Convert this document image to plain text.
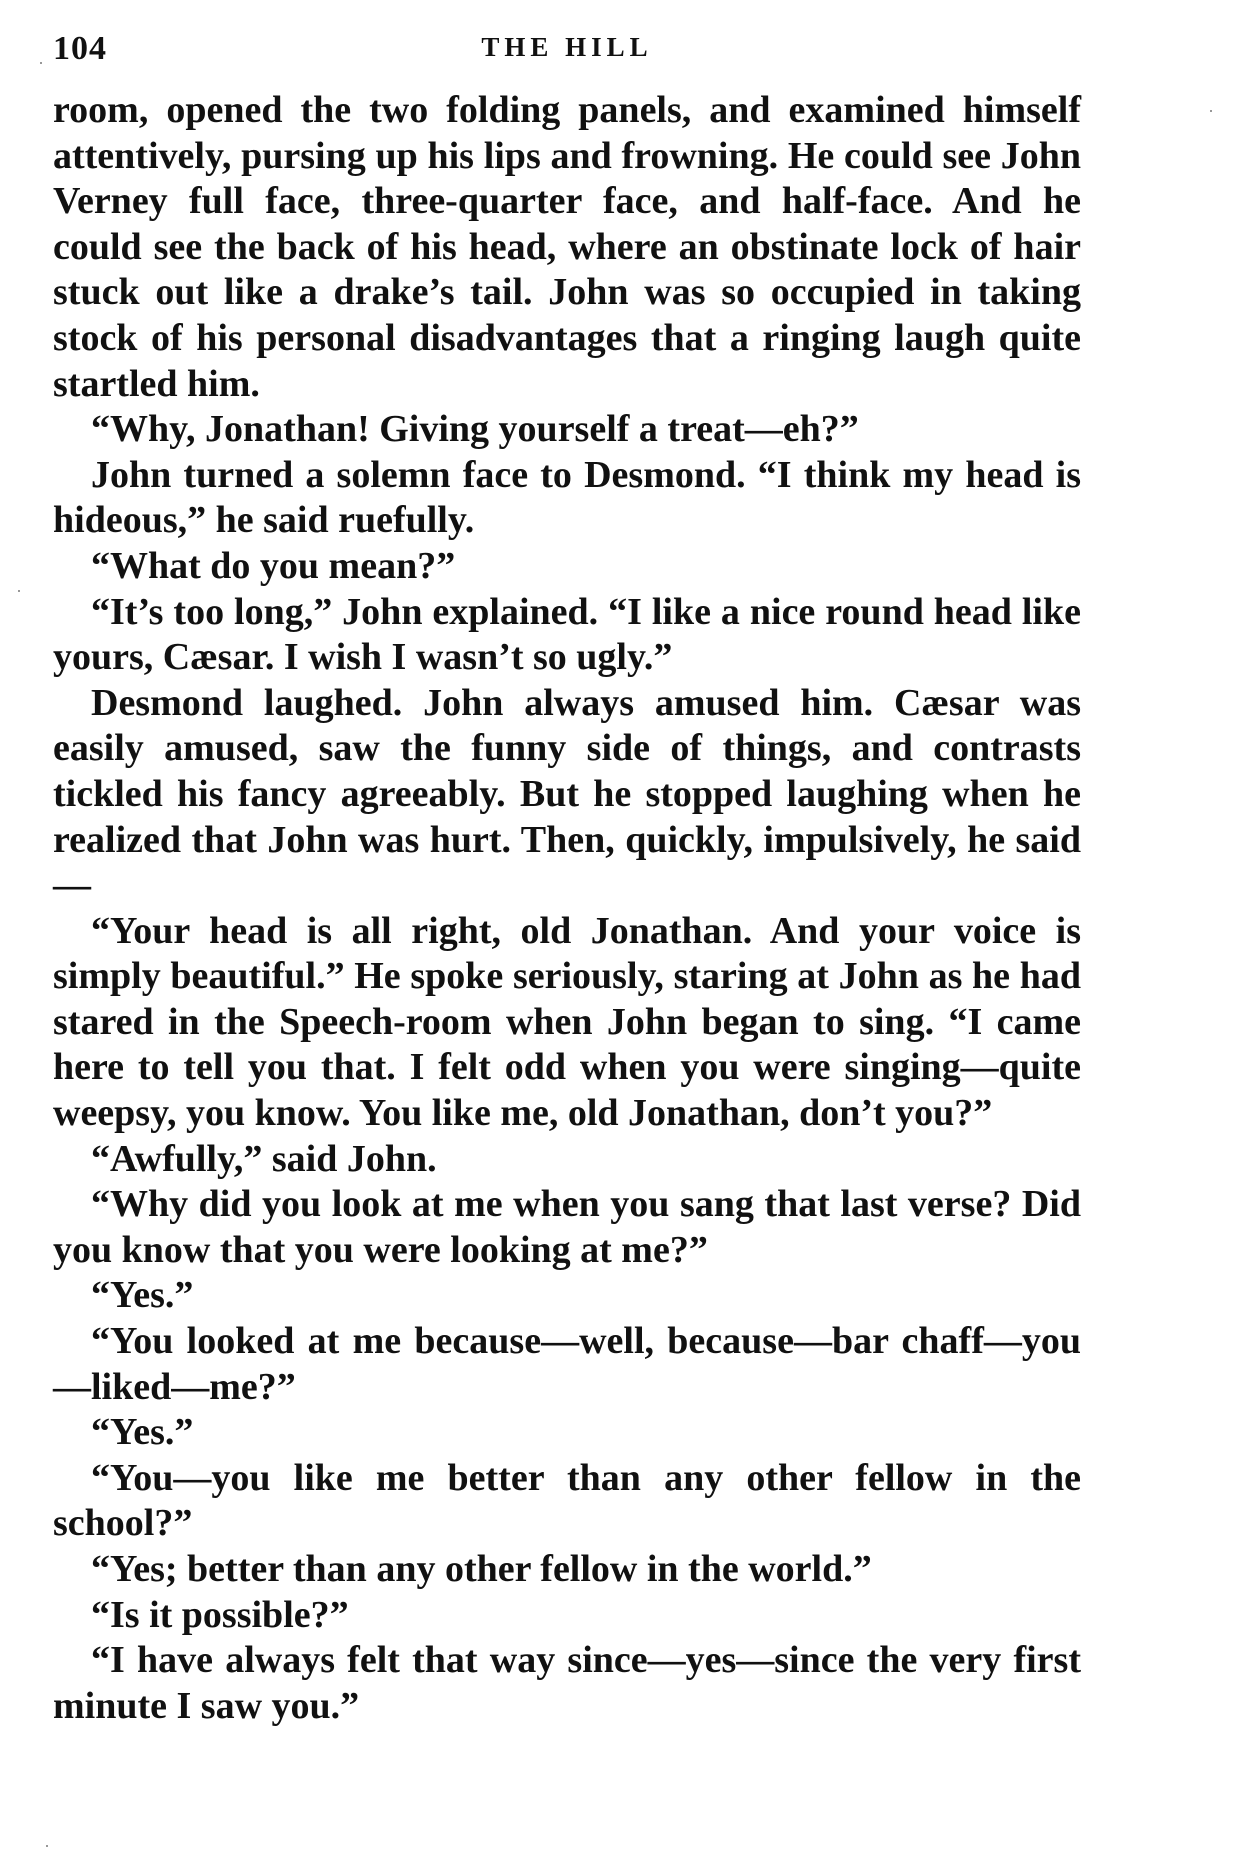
104	THE HILL

room, opened the two folding panels, and examined himself attentively, pursing up his lips and frowning. He could see John Verney full face, three-quarter face, and half-face. And he could see the back of his head, where an obstinate lock of hair stuck out like a drake’s tail. John was so occupied in taking stock of his personal disadvantages that a ringing laugh quite startled him.

“Why, Jonathan! Giving yourself a treat—eh?”

John turned a solemn face to Desmond. “I think my head is hideous,” he said ruefully.

“What do you mean?”

“It’s too long,” John explained. “I like a nice round head like yours, Cæsar. I wish I wasn’t so ugly.”

Desmond laughed. John always amused him. Cæsar was easily amused, saw the funny side of things, and contrasts tickled his fancy agreeably. But he stopped laughing when he realized that John was hurt. Then, quickly, impulsively, he said—

“Your head is all right, old Jonathan. And your voice is simply beautiful.” He spoke seriously, staring at John as he had stared in the Speech-room when John began to sing. “I came here to tell you that. I felt odd when you were singing—quite weepsy, you know. You like me, old Jonathan, don’t you?”

“Awfully,” said John.

“Why did you look at me when you sang that last verse? Did you know that you were looking at me?”

“Yes.”

“You looked at me because—well, because—bar chaff—you—liked—me?”

“Yes.”

“You—you like me better than any other fellow in the school?”

“Yes; better than any other fellow in the world.”

“Is it possible?”

“I have always felt that way since—yes—since the very first minute I saw you.”
